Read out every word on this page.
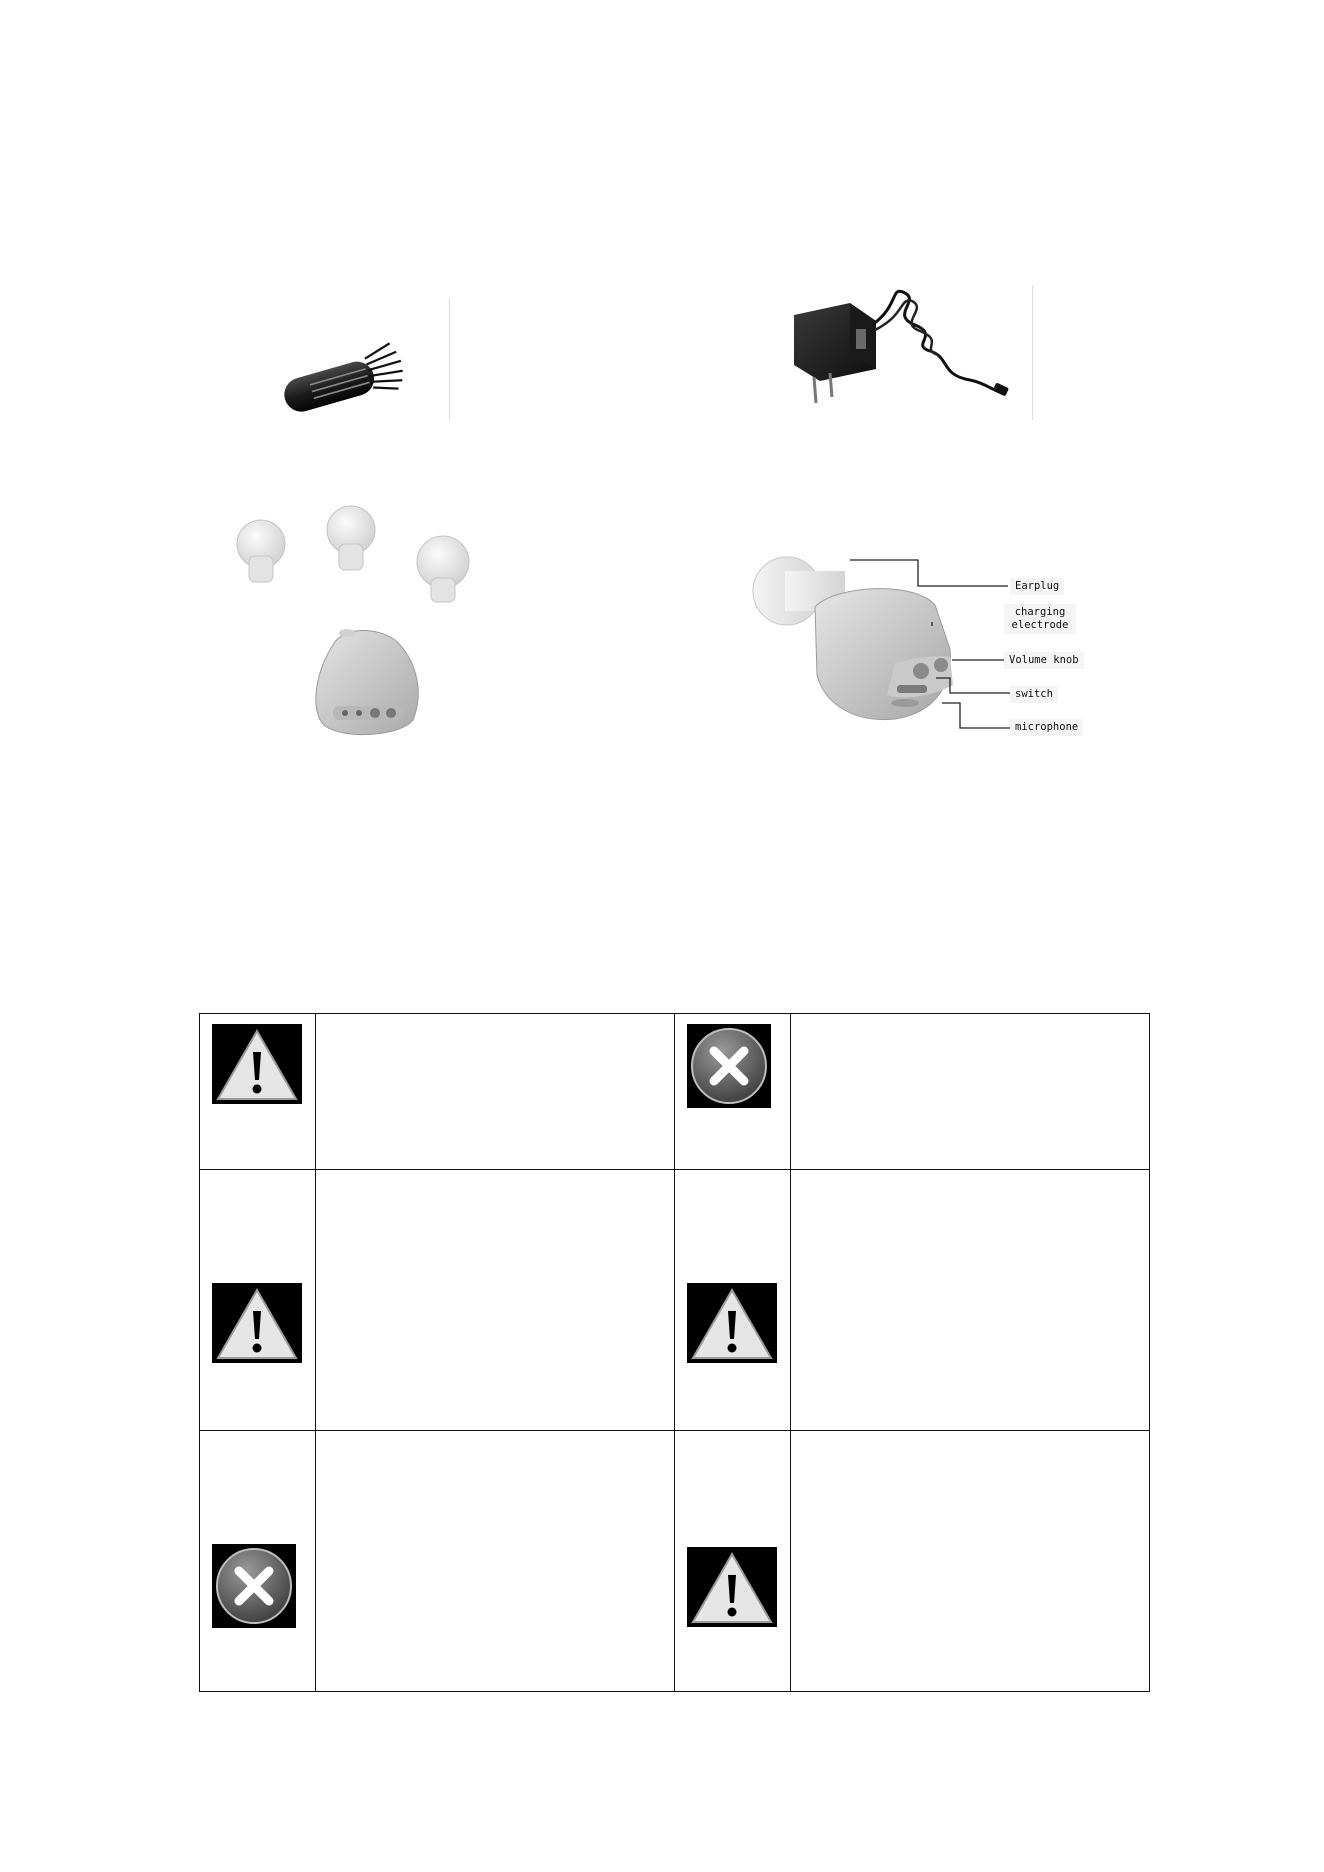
Earplug
charging electrode
Volume knob
switch
microphone
